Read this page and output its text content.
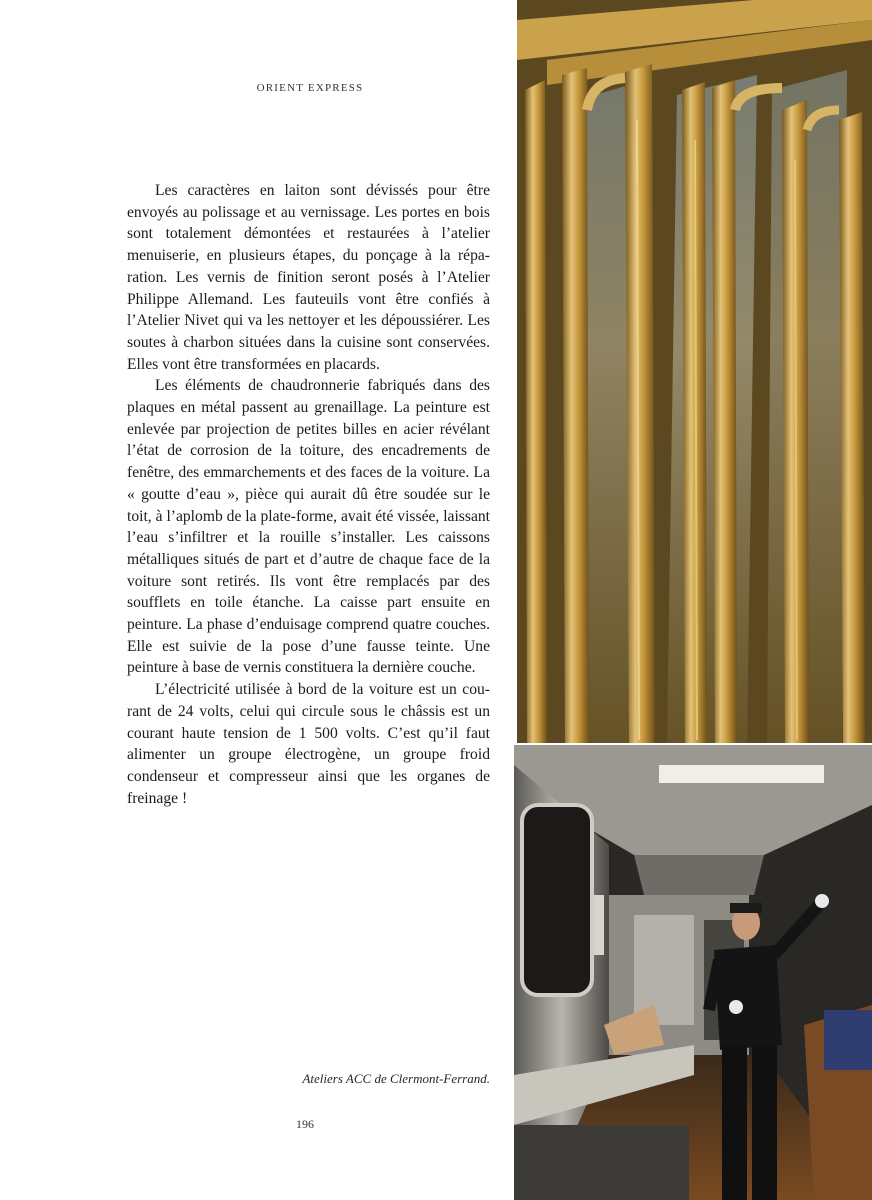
ORIENT EXPRESS

Les caractères en laiton sont dévissés pour être envoyés au polissage et au vernissage. Les portes en bois sont totalement démontées et restaurées à l’atelier menuiserie, en plusieurs étapes, du ponçage à la réparation. Les vernis de finition seront posés à l’Atelier Philippe Allemand. Les fauteuils vont être confiés à l’Atelier Nivet qui va les nettoyer et les dépoussiérer. Les soutes à charbon situées dans la cuisine sont conservées. Elles vont être transformées en placards.

Les éléments de chaudronnerie fabriqués dans des plaques en métal passent au grenaillage. La peinture est enlevée par projection de petites billes en acier révélant l’état de corrosion de la toiture, des encadrements de fenêtre, des emmarchements et des faces de la voiture. La « goutte d’eau », pièce qui aurait dû être soudée sur le toit, à l’aplomb de la plate-forme, avait été vissée, laissant l’eau s’infiltrer et la rouille s’installer. Les caissons métalliques situés de part et d’autre de chaque face de la voiture sont retirés. Ils vont être remplacés par des soufflets en toile étanche. La caisse part ensuite en peinture. La phase d’enduisage comprend quatre couches. Elle est suivie de la pose d’une fausse teinte. Une peinture à base de vernis constituera la dernière couche.

L’électricité utilisée à bord de la voiture est un courant de 24 volts, celui qui circule sous le châssis est un courant haute tension de 1 500 volts. C’est qu’il faut alimenter un groupe électrogène, un groupe froid condenseur et compresseur ainsi que les organes de freinage !

Ateliers ACC de Clermont-Ferrand.
196
